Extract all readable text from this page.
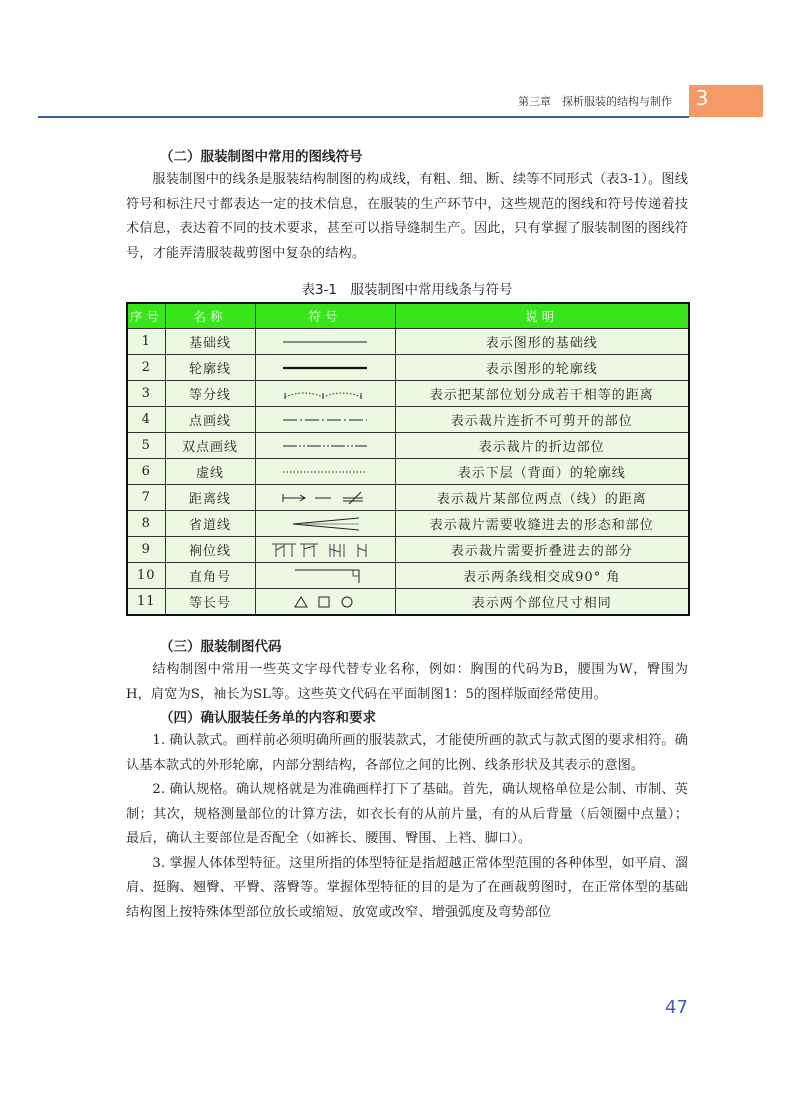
第三章　探析服装的结构与制作 3
（二）服装制图中常用的图线符号

服装制图中的线条是服装结构制图的构成线，有粗、细、断、续等不同形式（表3-1）。图线符号和标注尺寸都表达一定的技术信息，在服装的生产环节中，这些规范的图线和符号传递着技术信息，表达着不同的技术要求，甚至可以指导缝制生产。因此，只有掌握了服装制图的图线符号，才能弄清服装裁剪图中复杂的结构。

表3-1　服装制图中常用线条与符号
序号	名称	符号	说明
1	基础线		表示图形的基础线
2	轮廓线		表示图形的轮廓线
3	等分线		表示把某部位划分成若干相等的距离
4	点画线		表示裁片连折不可剪开的部位
5	双点画线		表示裁片的折边部位
6	虚线		表示下层（背面）的轮廓线
7	距离线		表示裁片某部位两点（线）的距离
8	省道线		表示裁片需要收缝进去的形态和部位
9	裥位线		表示裁片需要折叠进去的部分
10	直角号		表示两条线相交成90° 角
11	等长号		表示两个部位尺寸相同
（三）服装制图代码

结构制图中常用一些英文字母代替专业名称，例如：胸围的代码为B，腰围为W，臀围为H，肩宽为S，袖长为SL等。这些英文代码在平面制图1：5的图样版面经常使用。

（四）确认服装任务单的内容和要求

1. 确认款式。画样前必须明确所画的服装款式，才能使所画的款式与款式图的要求相符。确认基本款式的外形轮廓，内部分割结构，各部位之间的比例、线条形状及其表示的意图。

2. 确认规格。确认规格就是为准确画样打下了基础。首先，确认规格单位是公制、市制、英制；其次，规格测量部位的计算方法，如衣长有的从前片量，有的从后背量（后领圈中点量）；最后，确认主要部位是否配全（如裤长、腰围、臀围、上裆、脚口）。

3. 掌握人体体型特征。这里所指的体型特征是指超越正常体型范围的各种体型，如平肩、溜肩、挺胸、翘臀、平臀、落臀等。掌握体型特征的目的是为了在画裁剪图时，在正常体型的基础结构图上按特殊体型部位放长或缩短、放宽或改窄、增强弧度及弯势部位

47
